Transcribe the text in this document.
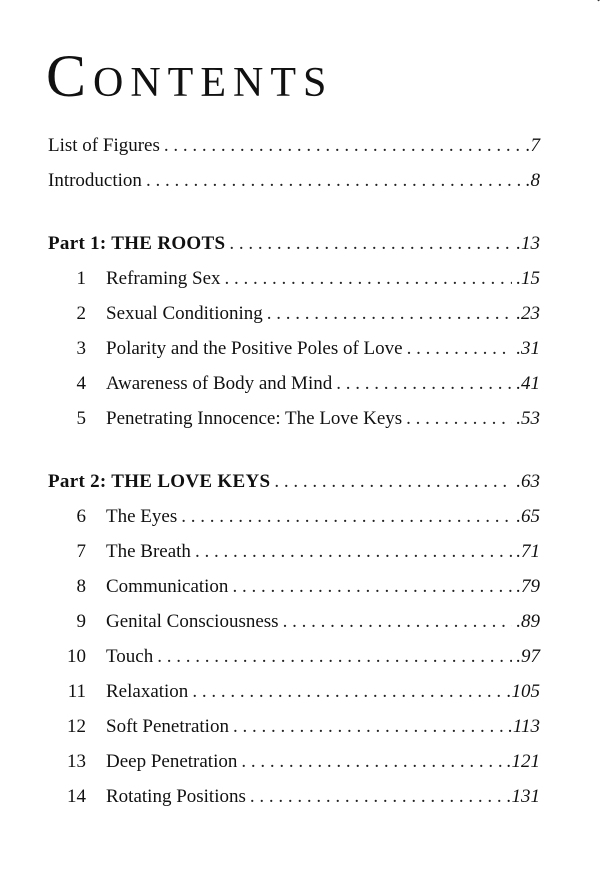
Contents
List of Figures . . .	.7
Introduction . . .	.8
Part 1: THE ROOTS . . .	.13
1	Reframing Sex . . .	.15
2	Sexual Conditioning . . .	.23
3	Polarity and the Positive Poles of Love . . .	.31
4	Awareness of Body and Mind . . .	.41
5	Penetrating Innocence: The Love Keys . . .	.53
Part 2: THE LOVE KEYS . . .	.63
6	The Eyes . . .	.65
7	The Breath . . .	.71
8	Communication . . .	.79
9	Genital Consciousness . . .	.89
10	Touch . . .	.97
11	Relaxation . . .	.105
12	Soft Penetration . . .	.113
13	Deep Penetration . . .	.121
14	Rotating Positions . . .	.131
